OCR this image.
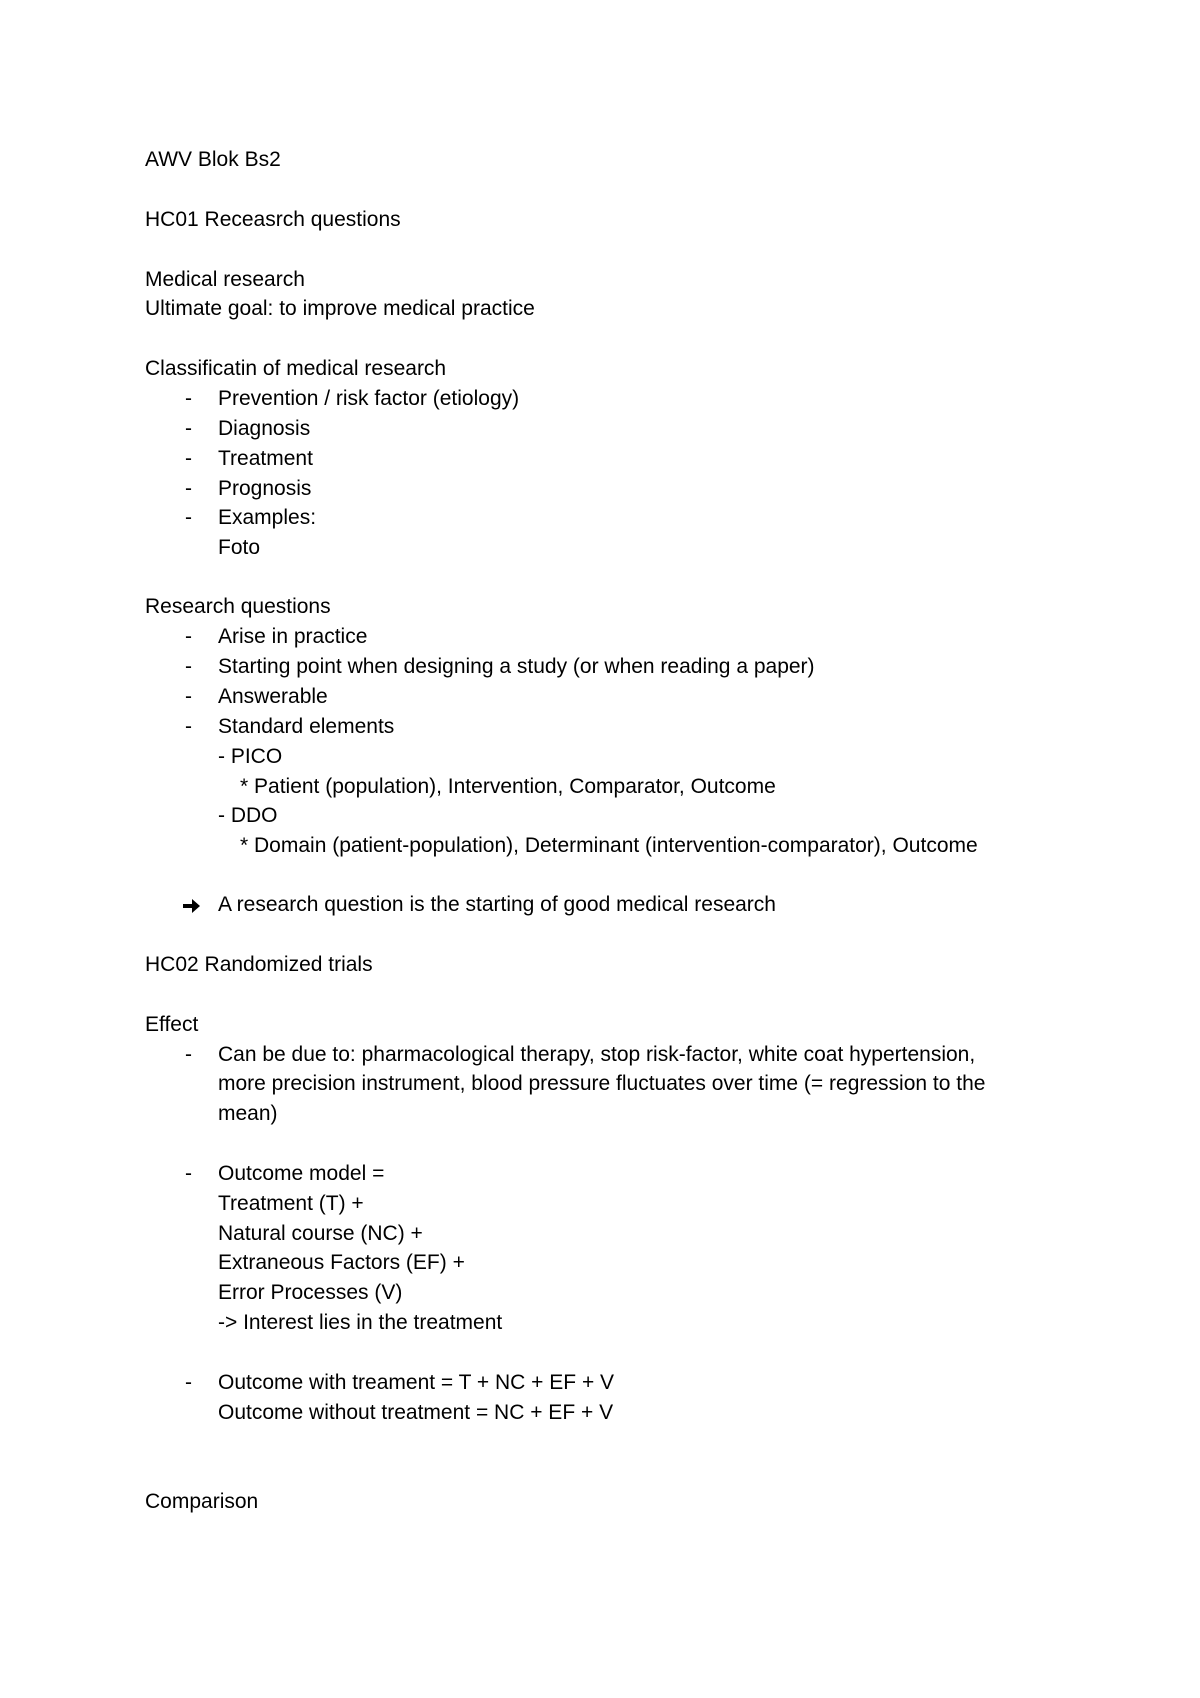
AWV Blok Bs2
HC01 Receasrch questions
Medical research
Ultimate goal: to improve medical practice
Classificatin of medical research
- Prevention / risk factor (etiology)
- Diagnosis
- Treatment
- Prognosis
- Examples:
Foto
Research questions
- Arise in practice
- Starting point when designing a study (or when reading a paper)
- Answerable
- Standard elements
- PICO
* Patient (population), Intervention, Comparator, Outcome
- DDO
* Domain (patient-population), Determinant (intervention-comparator), Outcome
A research question is the starting of good medical research
HC02 Randomized trials
Effect
- Can be due to: pharmacological therapy, stop risk-factor, white coat hypertension,
more precision instrument, blood pressure fluctuates over time (= regression to the
mean)
- Outcome model =
Treatment (T) +
Natural course (NC) +
Extraneous Factors (EF) +
Error Processes (V)
-> Interest lies in the treatment
- Outcome with treament = T + NC + EF + V
Outcome without treatment = NC + EF + V
Comparison
